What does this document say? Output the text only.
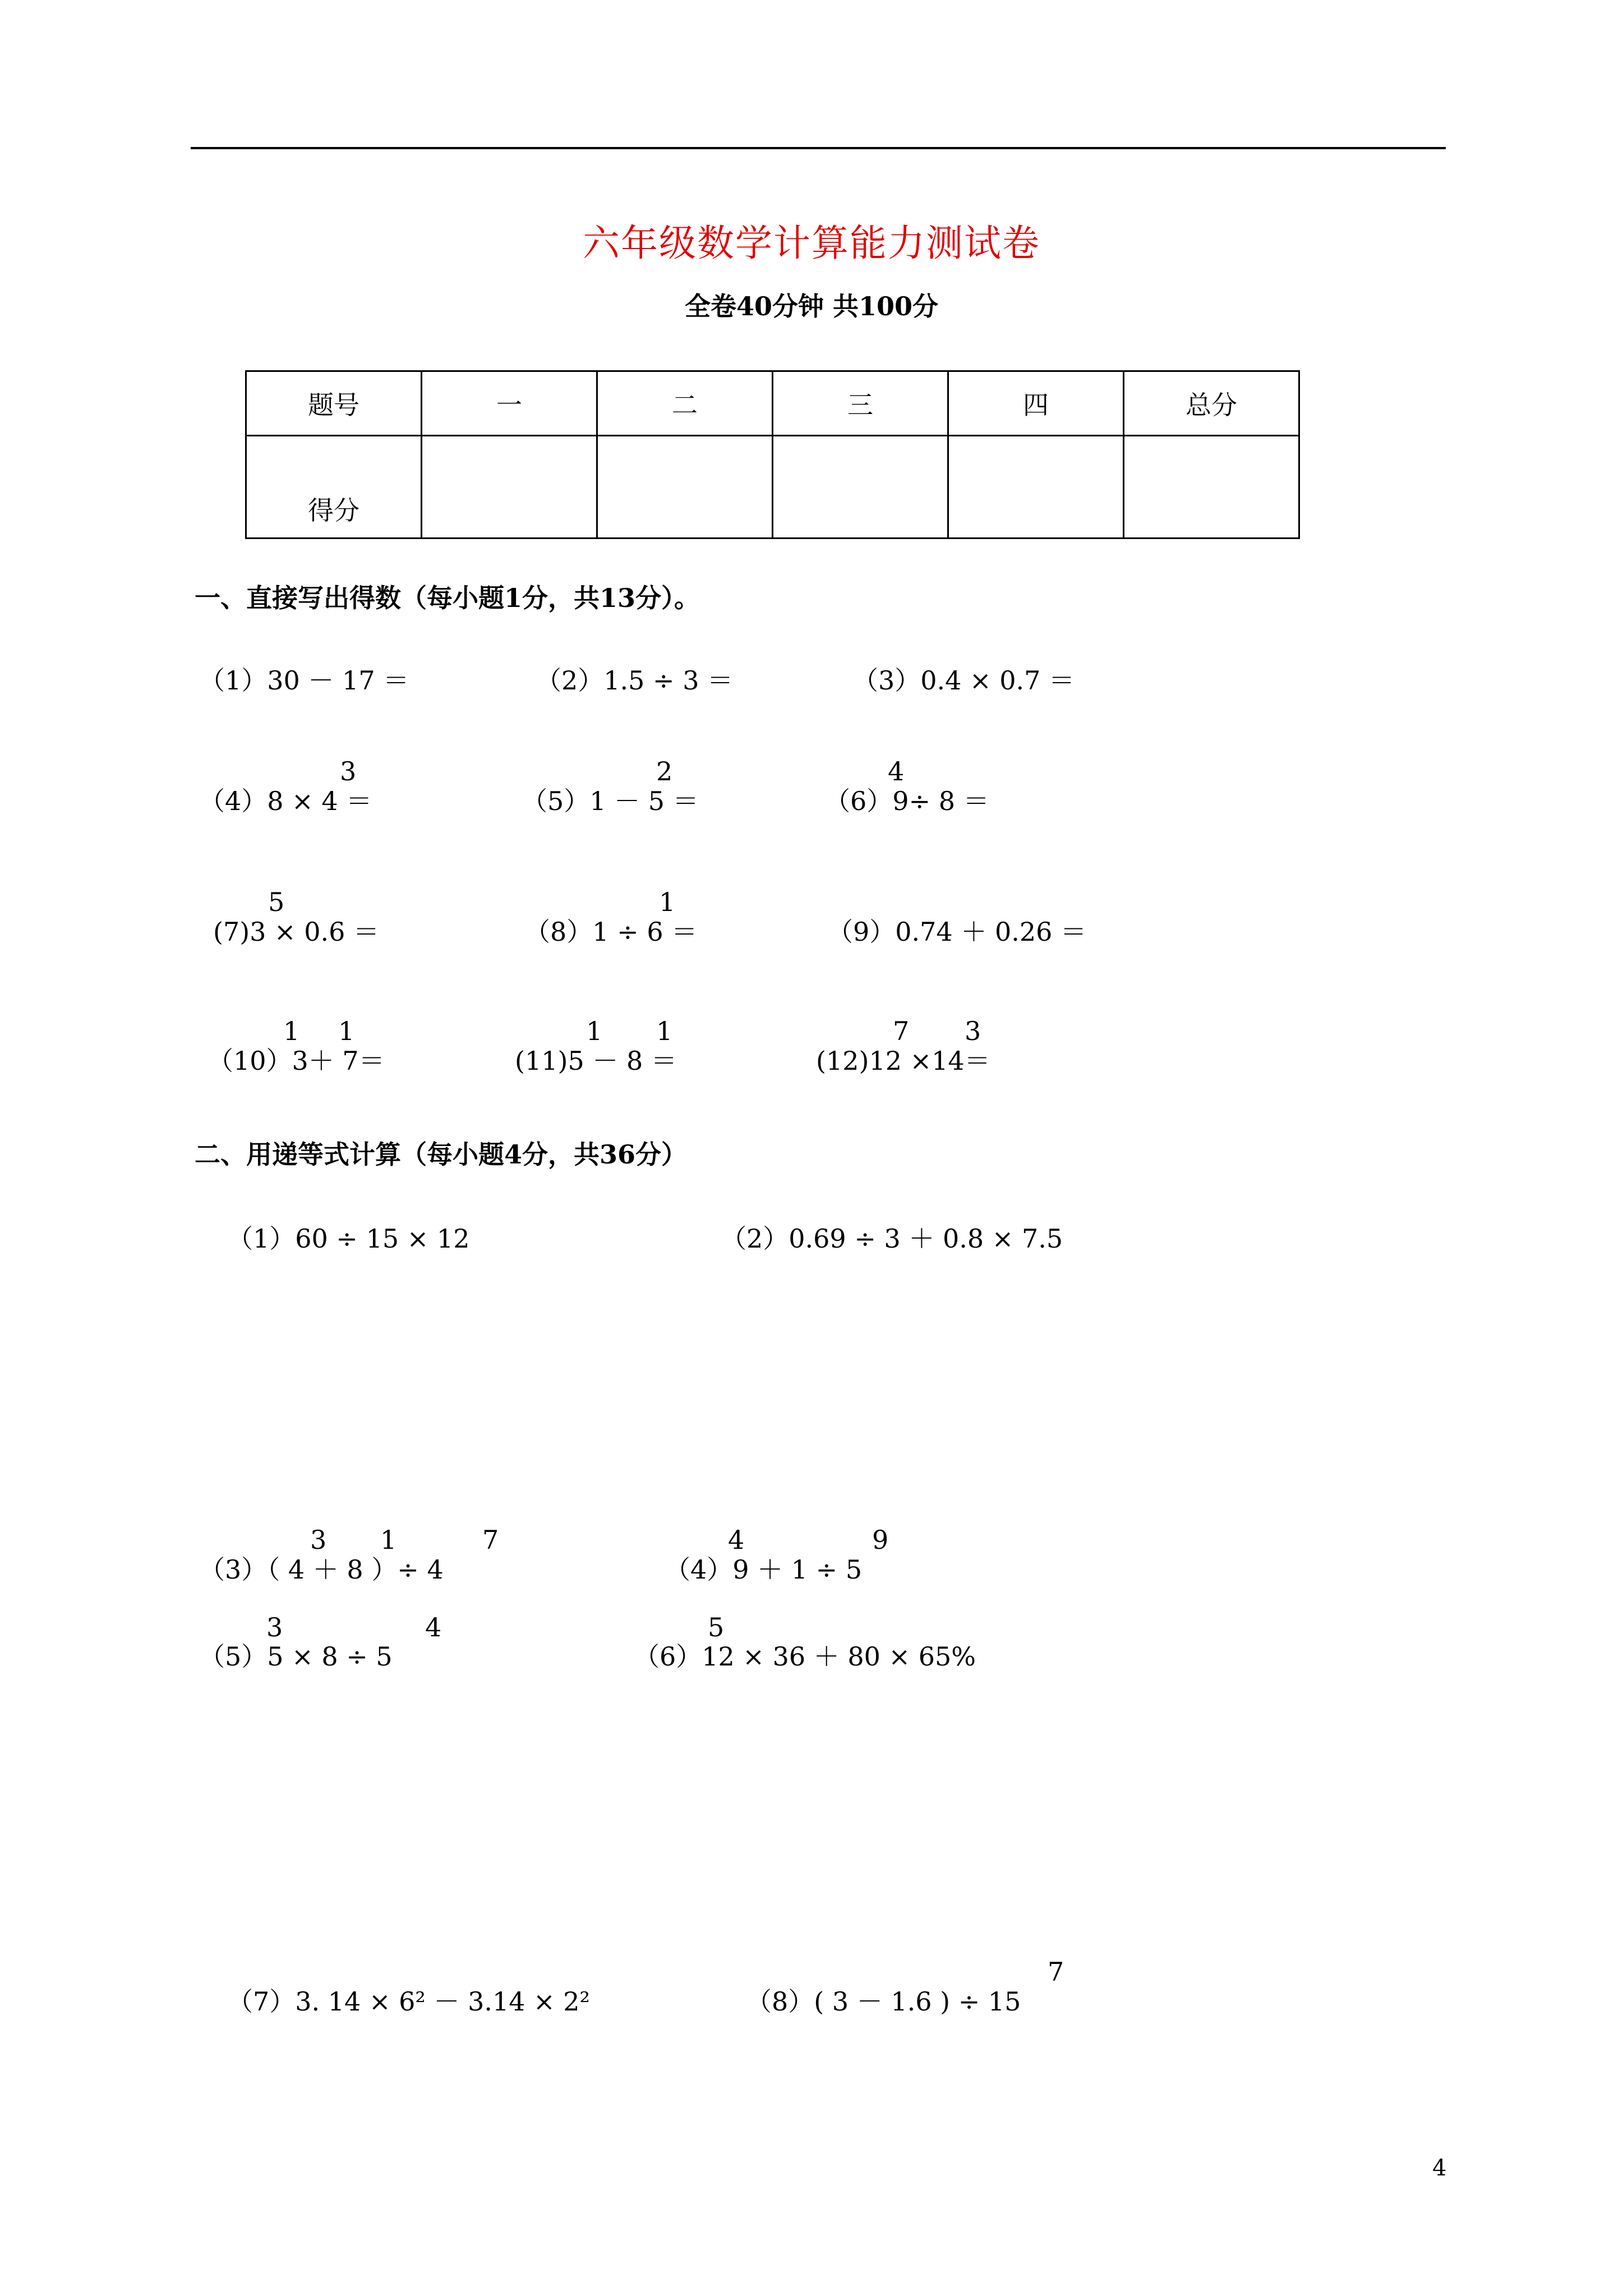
六年级数学计算能力测试卷
全卷40分钟 共100分
题号	一	二	三	四	总分
得分					
一、直接写出得数（每小题1分，共13分）。
（1）30 － 17 ＝	（2）1.5 ÷ 3 ＝	（3）0.4 × 0.7 ＝
3
（4）8 × 4 ＝
2
（5）1 － 5 ＝
4
（6）9÷ 8 ＝
5
(7)3 × 0.6 ＝
1
（8）1 ÷ 6 ＝	（9）0.74 ＋ 0.26 ＝
1 1
（10）3＋ 7＝
1 1
(11)5 － 8 ＝
7 3
(12)12 ×14＝
二、用递等式计算（每小题4分，共36分）
（1）60 ÷ 15 × 12	（2）0.69 ÷ 3 ＋ 0.8 × 7.5
3 1	7
（3）（ 4 ＋ 8 ）÷ 4
4	9
（4）9 ＋ 1 ÷ 5
3	4
（5）5 × 8 ÷ 5
5
（6）12 × 36 ＋ 80 × 65%
（7）3. 14 × 6² － 3.14 × 2²
7
（8）( 3 － 1.6 ) ÷ 15
4
